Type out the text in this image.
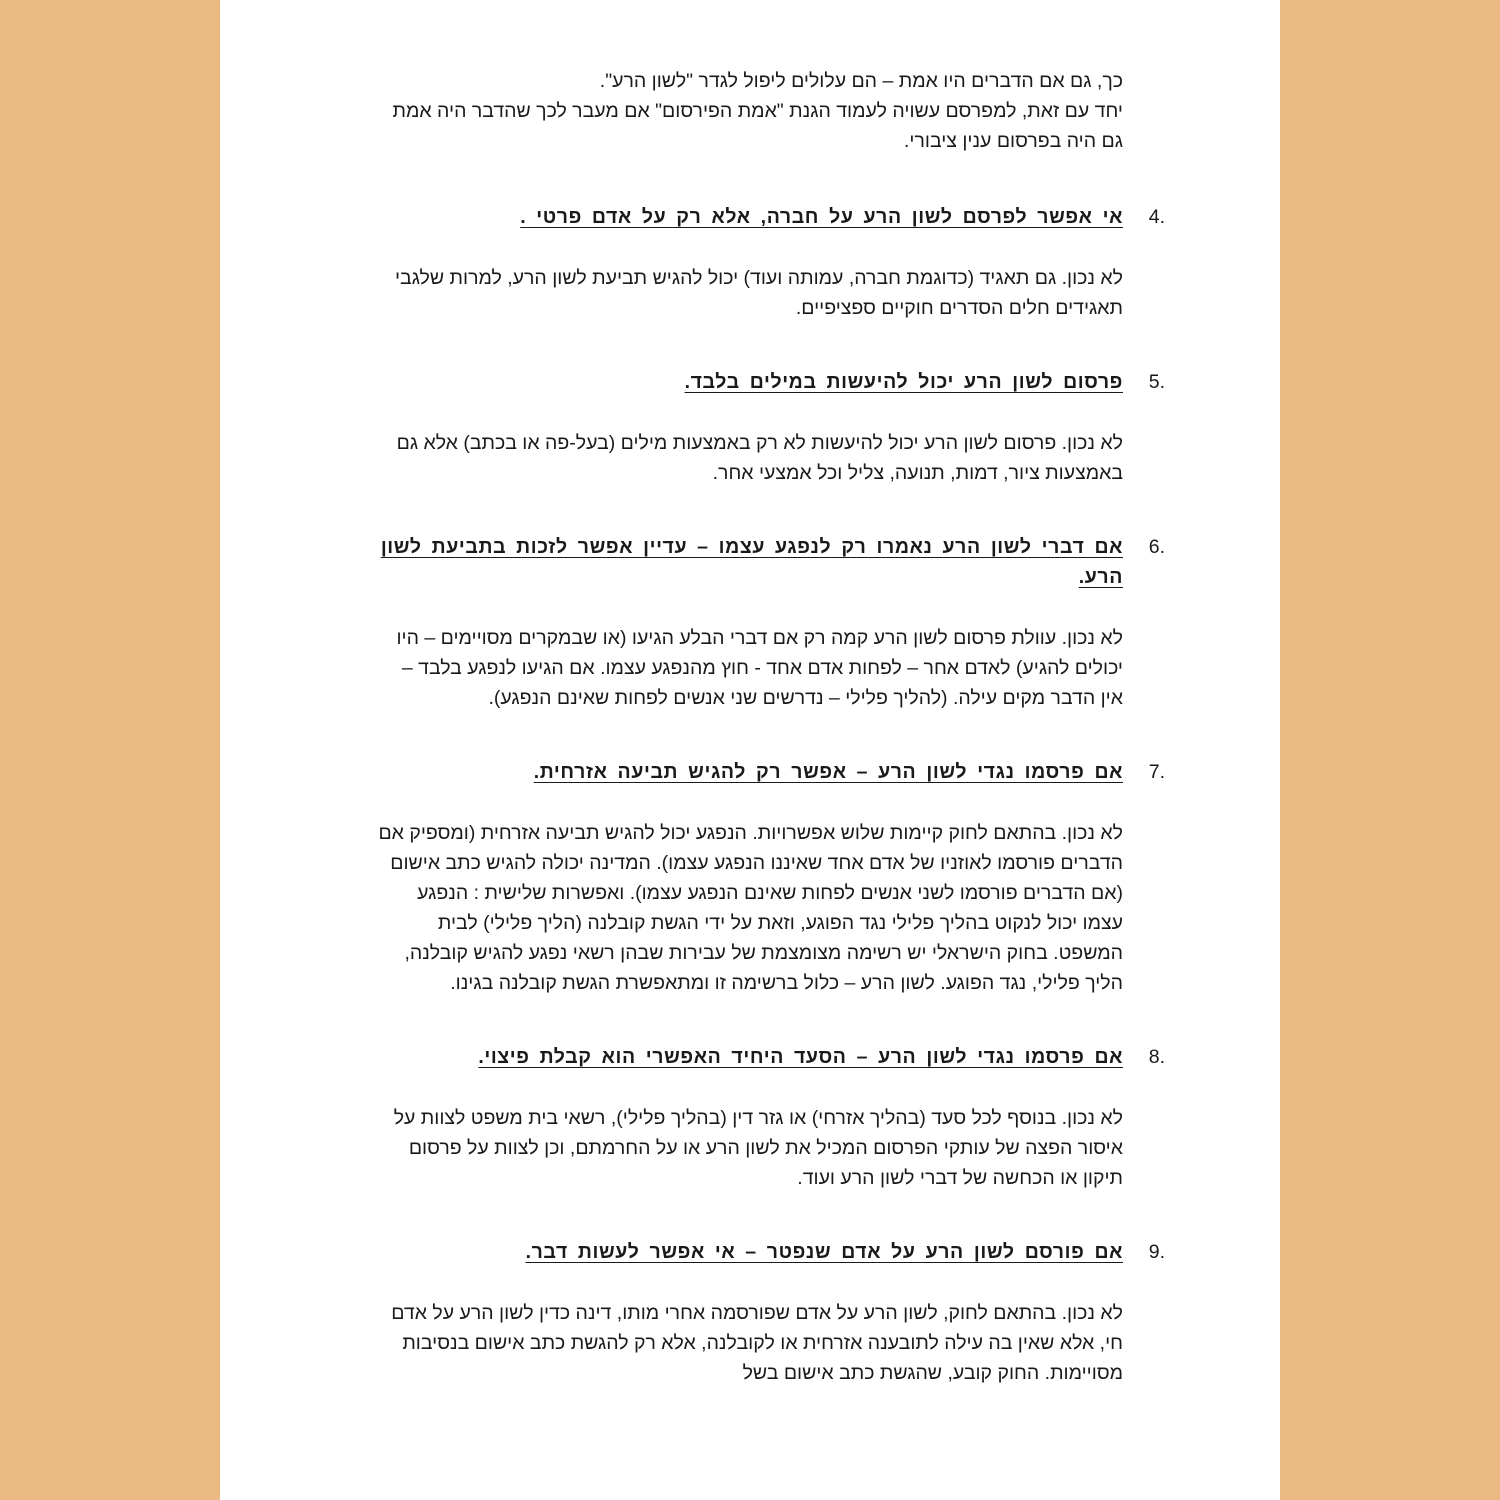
כך, גם אם הדברים היו אמת – הם עלולים ליפול לגדר "לשון הרע".

יחד עם זאת, למפרסם עשויה לעמוד הגנת "אמת הפירסום" אם מעבר לכך שהדבר היה אמת גם היה בפרסום ענין ציבורי.

4.
אי אפשר לפרסם לשון הרע על חברה, אלא רק על אדם פרטי .
לא נכון. גם תאגיד (כדוגמת חברה, עמותה ועוד) יכול להגיש תביעת לשון הרע, למרות שלגבי תאגידים חלים הסדרים חוקיים ספציפיים.
5.
פרסום לשון הרע יכול להיעשות במילים בלבד.
לא נכון. פרסום לשון הרע יכול להיעשות לא רק באמצעות מילים (בעל-פה או בכתב) אלא גם באמצעות ציור, דמות, תנועה, צליל וכל אמצעי אחר.
6.
אם דברי לשון הרע נאמרו רק לנפגע עצמו – עדיין אפשר לזכות בתביעת לשון הרע.
לא נכון. עוולת פרסום לשון הרע קמה רק אם דברי הבלע הגיעו (או שבמקרים מסויימים – היו יכולים להגיע) לאדם אחר – לפחות אדם אחד - חוץ מהנפגע עצמו. אם הגיעו לנפגע בלבד – אין הדבר מקים עילה. (להליך פלילי – נדרשים שני אנשים לפחות שאינם הנפגע).
7.
אם פרסמו נגדי לשון הרע – אפשר רק להגיש תביעה אזרחית.
לא נכון. בהתאם לחוק קיימות שלוש אפשרויות. הנפגע יכול להגיש תביעה אזרחית (ומספיק אם הדברים פורסמו לאוזניו של אדם אחד שאיננו הנפגע עצמו). המדינה יכולה להגיש כתב אישום (אם הדברים פורסמו לשני אנשים לפחות שאינם הנפגע עצמו). ואפשרות שלישית : הנפגע עצמו יכול לנקוט בהליך פלילי נגד הפוגע, וזאת על ידי הגשת קובלנה (הליך פלילי) לבית המשפט. בחוק הישראלי יש רשימה מצומצמת של עבירות שבהן רשאי נפגע להגיש קובלנה, הליך פלילי, נגד הפוגע. לשון הרע – כלול ברשימה זו ומתאפשרת הגשת קובלנה בגינו.
8.
אם פרסמו נגדי לשון הרע – הסעד היחיד האפשרי הוא קבלת פיצוי.
לא נכון. בנוסף לכל סעד (בהליך אזרחי) או גזר דין (בהליך פלילי), רשאי בית משפט לצוות על איסור הפצה של עותקי הפרסום המכיל את לשון הרע או על החרמתם, וכן לצוות על פרסום תיקון או הכחשה של דברי לשון הרע ועוד.
9.
אם פורסם לשון הרע על אדם שנפטר – אי אפשר לעשות דבר.
לא נכון. בהתאם לחוק, לשון הרע על אדם שפורסמה אחרי מותו, דינה כדין לשון הרע על אדם חי, אלא שאין בה עילה לתובענה אזרחית או לקובלנה, אלא רק להגשת כתב אישום בנסיבות מסויימות. החוק קובע, שהגשת כתב אישום בשל
